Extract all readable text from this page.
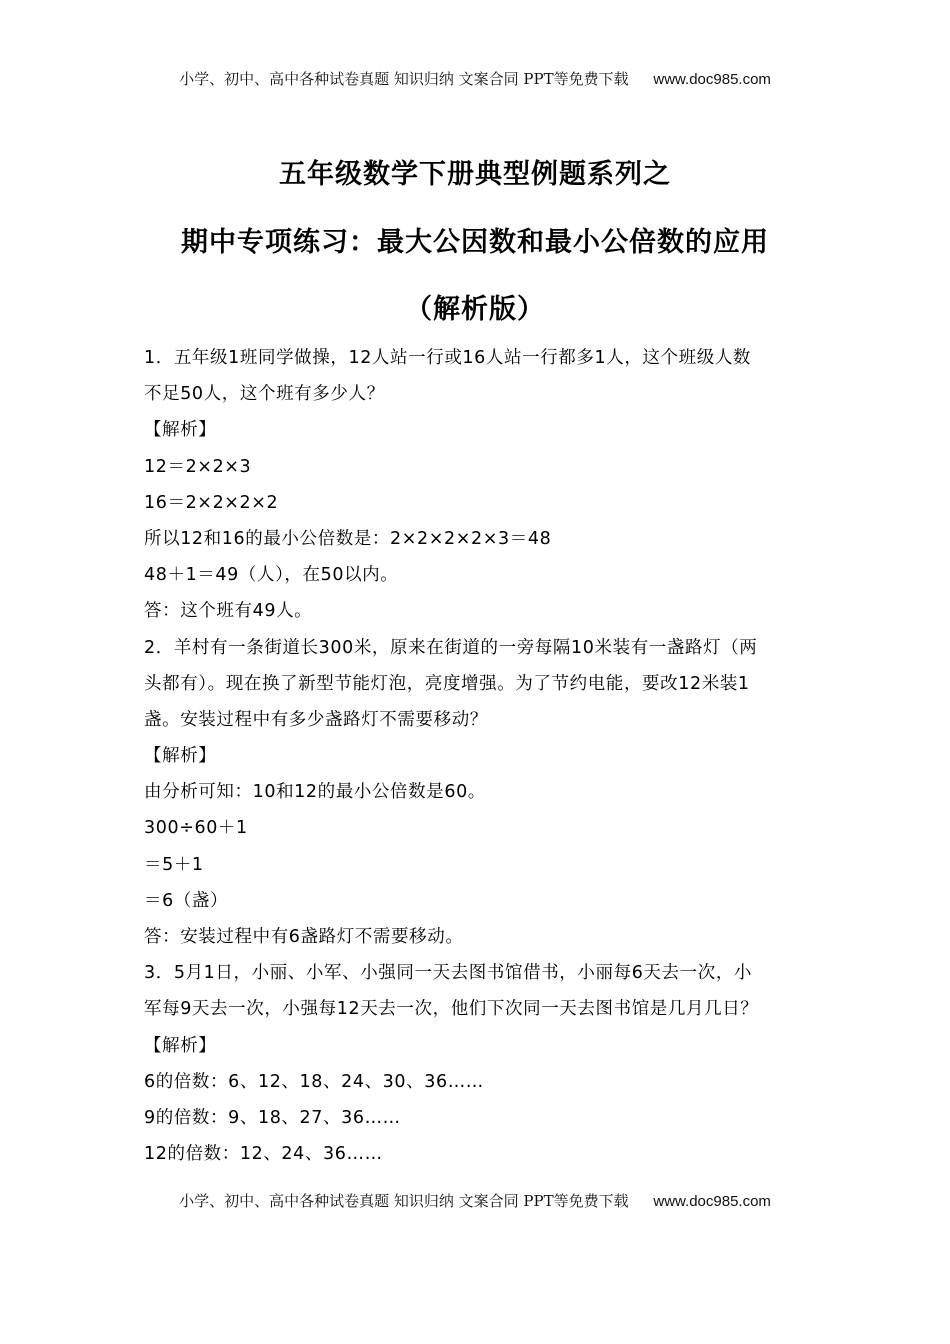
小学、初中、高中各种试卷真题 知识归纳 文案合同 PPT等免费下载 www.doc985.com
五年级数学下册典型例题系列之
期中专项练习：最大公因数和最小公倍数的应用
（解析版）
1．五年级1班同学做操，12人站一行或16人站一行都多1人，这个班级人数
不足50人，这个班有多少人？
【解析】
12＝2×2×3
16＝2×2×2×2
所以12和16的最小公倍数是：2×2×2×2×3＝48
48＋1＝49（人），在50以内。
答：这个班有49人。
2．羊村有一条街道长300米，原来在街道的一旁每隔10米装有一盏路灯（两
头都有）。现在换了新型节能灯泡，亮度增强。为了节约电能，要改12米装1
盏。安装过程中有多少盏路灯不需要移动？
【解析】
由分析可知：10和12的最小公倍数是60。
300÷60＋1
＝5＋1
＝6（盏）
答：安装过程中有6盏路灯不需要移动。
3．5月1日，小丽、小军、小强同一天去图书馆借书，小丽每6天去一次，小
军每9天去一次，小强每12天去一次，他们下次同一天去图书馆是几月几日？
【解析】
6的倍数：6、12、18、24、30、36……
9的倍数：9、18、27、36……
12的倍数：12、24、36……
小学、初中、高中各种试卷真题 知识归纳 文案合同 PPT等免费下载 www.doc985.com
